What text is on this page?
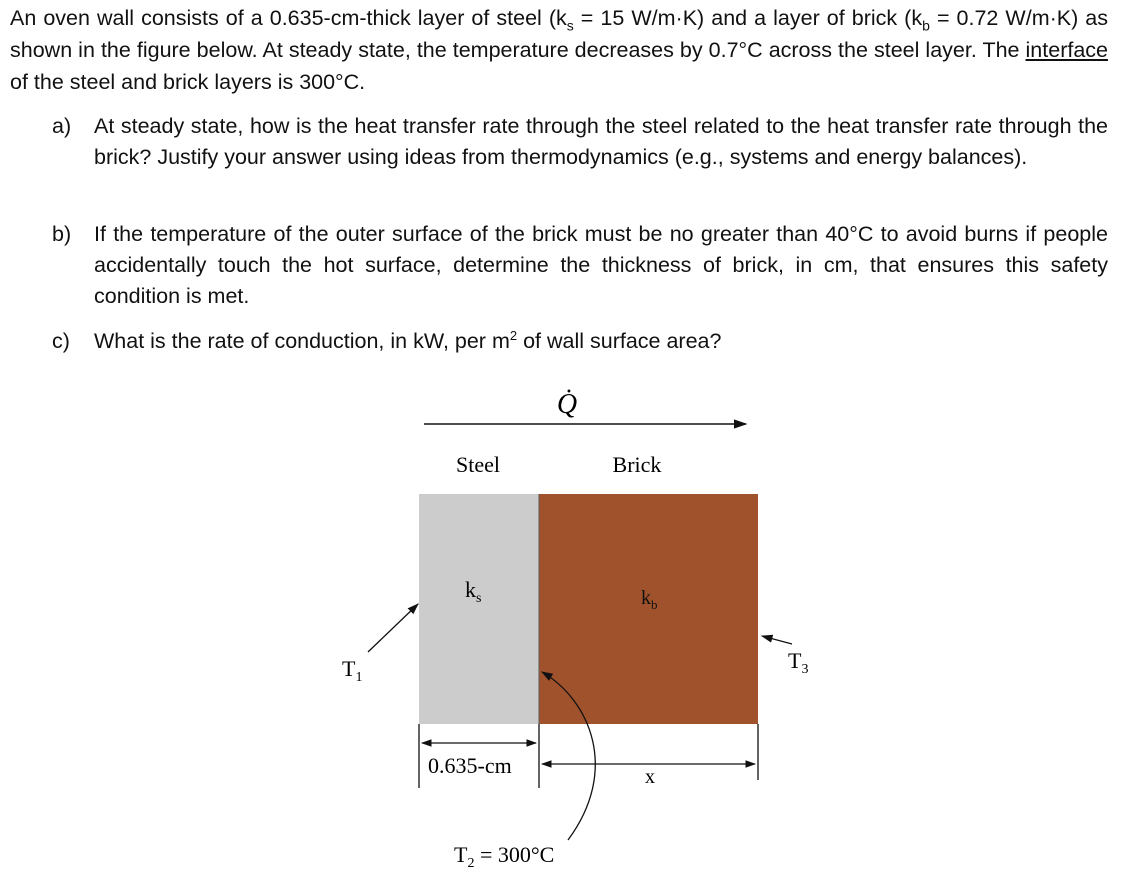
An oven wall consists of a 0.635-cm-thick layer of steel ($k_s = 15$ W/m·K) and a layer of brick ($k_b = 0.72$ W/m·K) as shown in the figure below. At steady state, the temperature decreases by 0.7°C across the steel layer. The interface of the steel and brick layers is 300°C.
a)	At steady state, how is the heat transfer rate through the steel related to the heat transfer rate through the brick? Justify your answer using ideas from thermodynamics (e.g., systems and energy balances).
b)	If the temperature of the outer surface of the brick must be no greater than 40°C to avoid burns if people accidentally touch the hot surface, determine the thickness of brick, in cm, that ensures this safety condition is met.
c)	What is the rate of conduction, in kW, per $m^2$ of wall surface area?
Q̇
Steel	Brick
$k_s$	$k_b$
$T_1$
$T_3$
$T_2 = 300^\circ C$
0.635-cm	x
